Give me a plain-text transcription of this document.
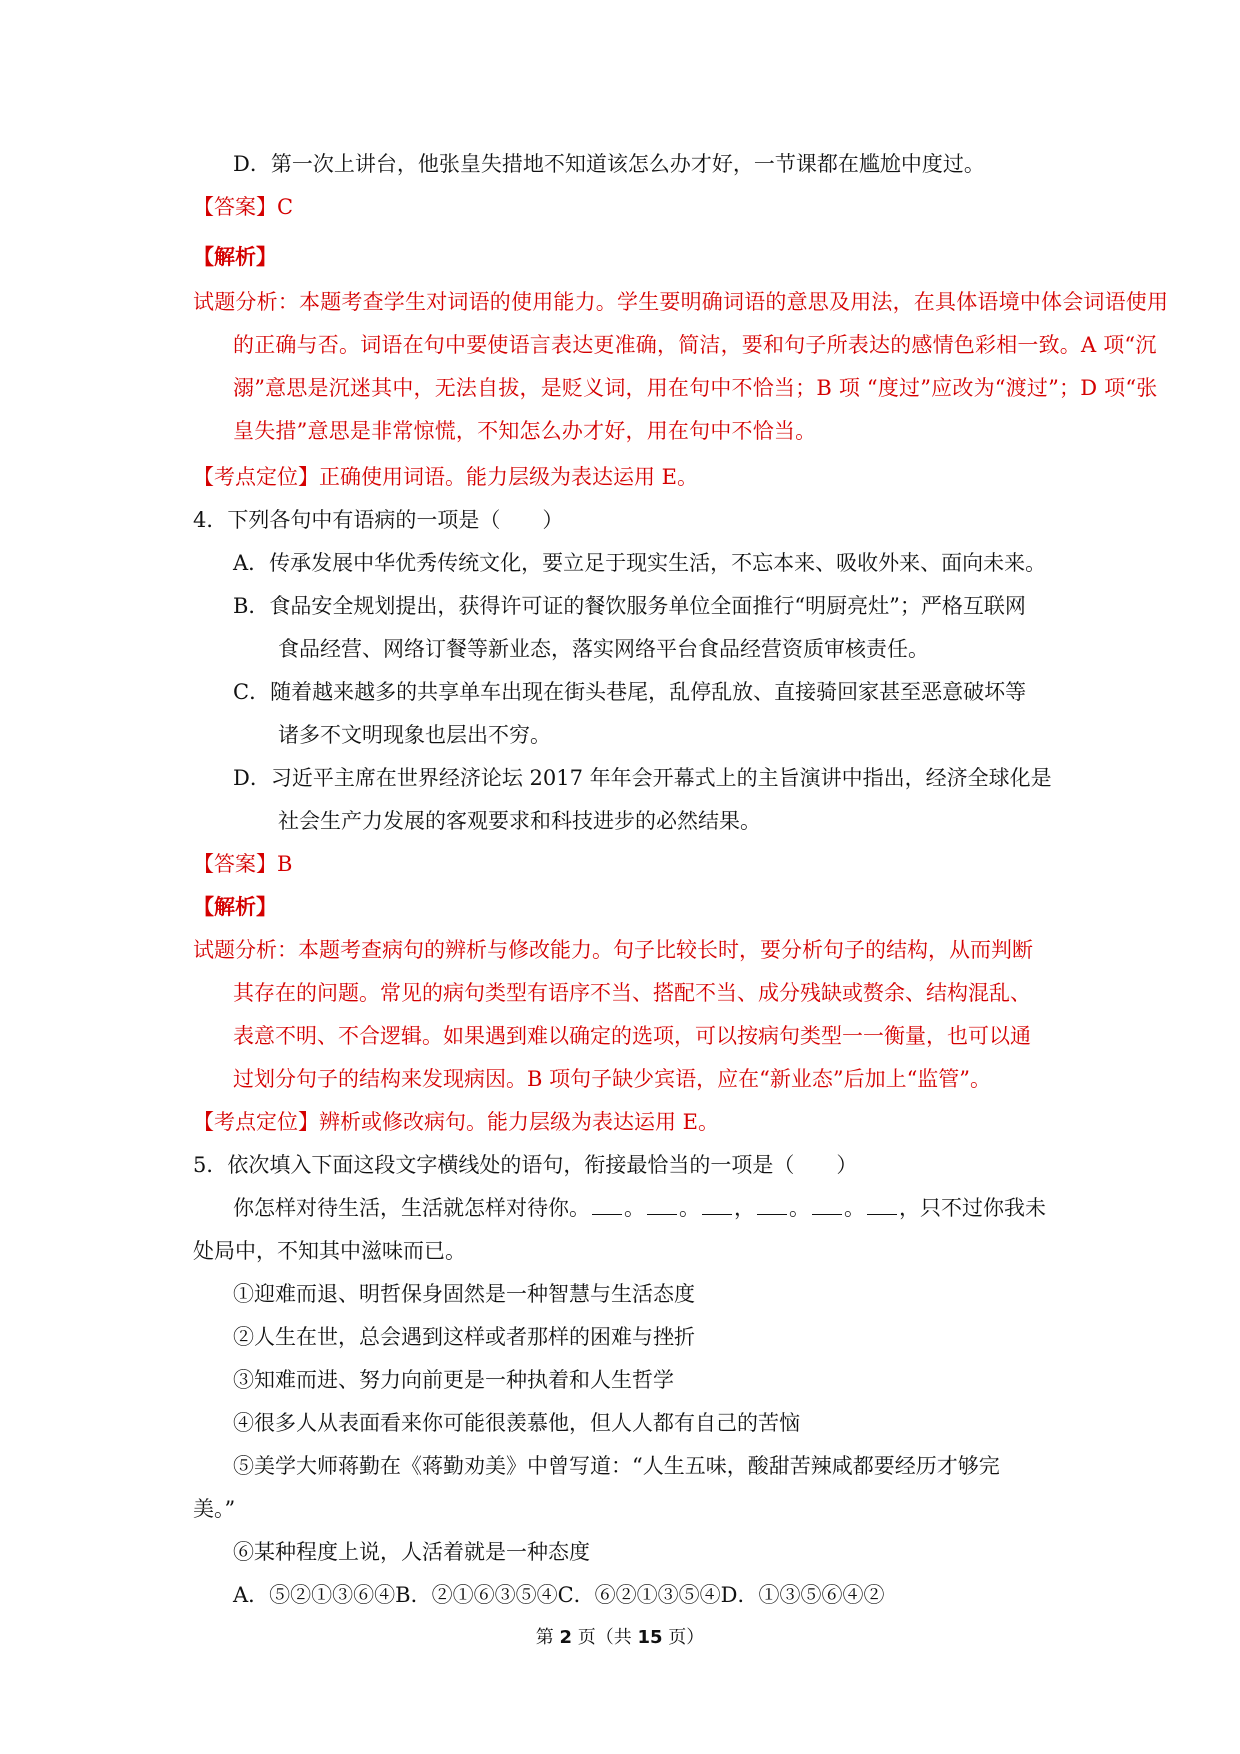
D．第一次上讲台，他张皇失措地不知道该怎么办才好，一节课都在尴尬中度过。
【答案】C
【解析】
试题分析：本题考查学生对词语的使用能力。学生要明确词语的意思及用法，在具体语境中体会词语使用
的正确与否。词语在句中要使语言表达更准确，简洁，要和句子所表达的感情色彩相一致。A 项“沉
溺”意思是沉迷其中，无法自拔，是贬义词，用在句中不恰当；B 项 “度过”应改为“渡过”；D 项“张
皇失措”意思是非常惊慌，不知怎么办才好，用在句中不恰当。
【考点定位】正确使用词语。能力层级为表达运用 E。
4．下列各句中有语病的一项是（　　）
A．传承发展中华优秀传统文化，要立足于现实生活，不忘本来、吸收外来、面向未来。
B．食品安全规划提出，获得许可证的餐饮服务单位全面推行“明厨亮灶”；严格互联网
食品经营、网络订餐等新业态，落实网络平台食品经营资质审核责任。
C．随着越来越多的共享单车出现在街头巷尾，乱停乱放、直接骑回家甚至恶意破坏等
诸多不文明现象也层出不穷。
D．习近平主席在世界经济论坛 2017 年年会开幕式上的主旨演讲中指出，经济全球化是
社会生产力发展的客观要求和科技进步的必然结果。
【答案】B
【解析】
试题分析：本题考查病句的辨析与修改能力。句子比较长时，要分析句子的结构，从而判断
其存在的问题。常见的病句类型有语序不当、搭配不当、成分残缺或赘余、结构混乱、
表意不明、不合逻辑。如果遇到难以确定的选项，可以按病句类型一一衡量，也可以通
过划分句子的结构来发现病因。B 项句子缺少宾语，应在“新业态”后加上“监管”。
【考点定位】辨析或修改病句。能力层级为表达运用 E。
5．依次填入下面这段文字横线处的语句，衔接最恰当的一项是（　　）
你怎样对待生活，生活就怎样对待你。 。 。 ， 。 。 ，只不过你我未
处局中，不知其中滋味而已。
①迎难而退、明哲保身固然是一种智慧与生活态度
②人生在世，总会遇到这样或者那样的困难与挫折
③知难而进、努力向前更是一种执着和人生哲学
④很多人从表面看来你可能很羡慕他，但人人都有自己的苦恼
⑤美学大师蒋勤在《蒋勤劝美》中曾写道：“人生五味，酸甜苦辣咸都要经历才够完
美。”
⑥某种程度上说，人活着就是一种态度
A．⑤②①③⑥④B．②①⑥③⑤④C．⑥②①③⑤④D．①③⑤⑥④②
第 2 页（共 15 页）
